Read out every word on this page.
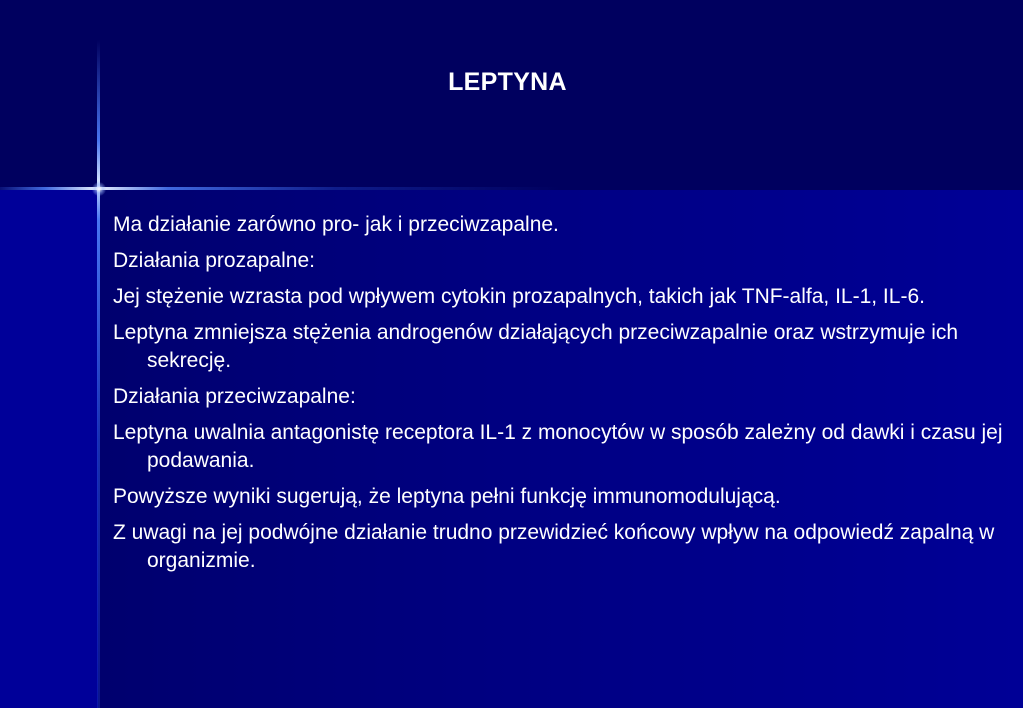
LEPTYNA

Ma działanie zarówno pro- jak i przeciwzapalne.

Działania prozapalne:

Jej stężenie wzrasta pod wpływem cytokin prozapalnych, takich jak TNF-alfa, IL-1, IL-6.

Leptyna zmniejsza stężenia androgenów działających przeciwzapalnie oraz wstrzymuje ich sekrecję.

Działania przeciwzapalne:

Leptyna uwalnia antagonistę receptora IL-1 z monocytów w sposób zależny od dawki i czasu jej podawania.

Powyższe wyniki sugerują, że leptyna pełni funkcję immunomodulującą.

Z uwagi na jej podwójne działanie trudno przewidzieć końcowy wpływ na odpowiedź zapalną w organizmie.
